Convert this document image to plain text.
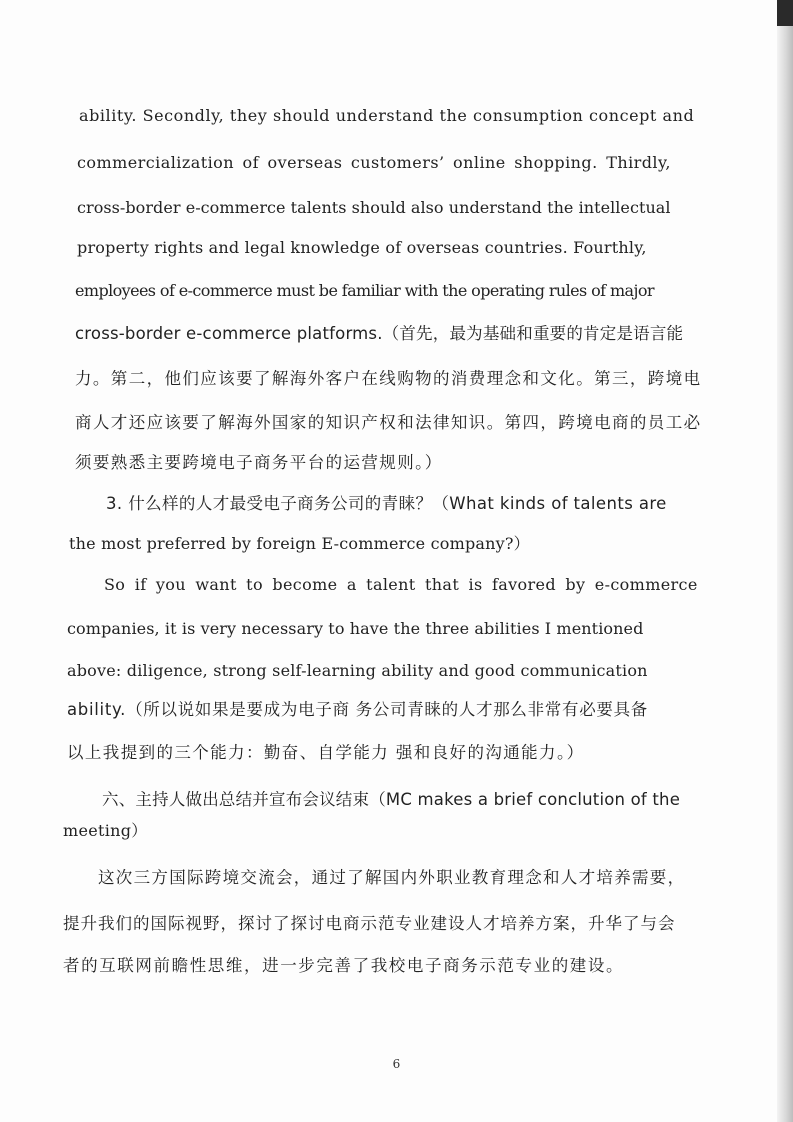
ability. Secondly, they should understand the consumption concept and
commercialization of overseas customers’ online shopping. Thirdly,
cross-border e-commerce talents should also understand the intellectual
property rights and legal knowledge of overseas countries. Fourthly,
employees of e-commerce must be familiar with the operating rules of major
cross-border e-commerce platforms.（首先，最为基础和重要的肯定是语言能
力。第二，他们应该要了解海外客户在线购物的消费理念和文化。第三，跨境电
商人才还应该要了解海外国家的知识产权和法律知识。第四，跨境电商的员工必
须要熟悉主要跨境电子商务平台的运营规则。）
3. 什么样的人才最受电子商务公司的青睐？（What kinds of talents are
the most preferred by foreign E-commerce company?）
So if you want to become a talent that is favored by e-commerce
companies, it is very necessary to have the three abilities I mentioned
above: diligence, strong self-learning ability and good communication
ability.（所以说如果是要成为电子商 务公司青睐的人才那么非常有必要具备
以上我提到的三个能力：勤奋、自学能力 强和良好的沟通能力。）
六、主持人做出总结并宣布会议结束（MC makes a brief conclution of the
meeting）
这次三方国际跨境交流会，通过了解国内外职业教育理念和人才培养需要，
提升我们的国际视野，探讨了探讨电商示范专业建设人才培养方案，升华了与会
者的互联网前瞻性思维，进一步完善了我校电子商务示范专业的建设。
6
